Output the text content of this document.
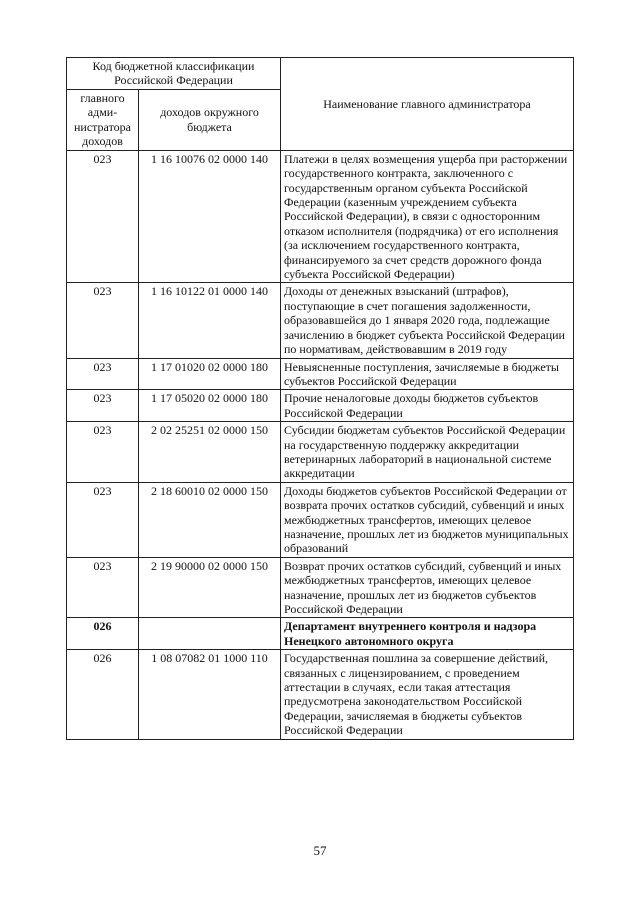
Код бюджетной классификации Российской Федерации		Наименование главного администратора
главного адми-нистратора доходов	доходов окружного бюджета	
023	1 16 10076 02 0000 140	Платежи в целях возмещения ущерба при расторжении государственного контракта, заключенного с государственным органом субъекта Российской Федерации (казенным учреждением субъекта Российской Федерации), в связи с односторонним отказом исполнителя (подрядчика) от его исполнения (за исключением государственного контракта, финансируемого за счет средств дорожного фонда субъекта Российской Федерации)
023	1 16 10122 01 0000 140	Доходы от денежных взысканий (штрафов), поступающие в счет погашения задолженности, образовавшейся до 1 января 2020 года, подлежащие зачислению в бюджет субъекта Российской Федерации по нормативам, действовавшим в 2019 году
023	1 17 01020 02 0000 180	Невыясненные поступления, зачисляемые в бюджеты субъектов Российской Федерации
023	1 17 05020 02 0000 180	Прочие неналоговые доходы бюджетов субъектов Российской Федерации
023	2 02 25251 02 0000 150	Субсидии бюджетам субъектов Российской Федерации на государственную поддержку аккредитации ветеринарных лабораторий в национальной системе аккредитации
023	2 18 60010 02 0000 150	Доходы бюджетов субъектов Российской Федерации от возврата прочих остатков субсидий, субвенций и иных межбюджетных трансфертов, имеющих целевое назначение, прошлых лет из бюджетов муниципальных образований
023	2 19 90000 02 0000 150	Возврат прочих остатков субсидий, субвенций и иных межбюджетных трансфертов, имеющих целевое назначение, прошлых лет из бюджетов субъектов Российской Федерации
026		Департамент внутреннего контроля и надзора Ненецкого автономного округа
026	1 08 07082 01 1000 110	Государственная пошлина за совершение действий, связанных с лицензированием, с проведением аттестации в случаях, если такая аттестация предусмотрена законодательством Российской Федерации, зачисляемая в бюджеты субъектов Российской Федерации
57
